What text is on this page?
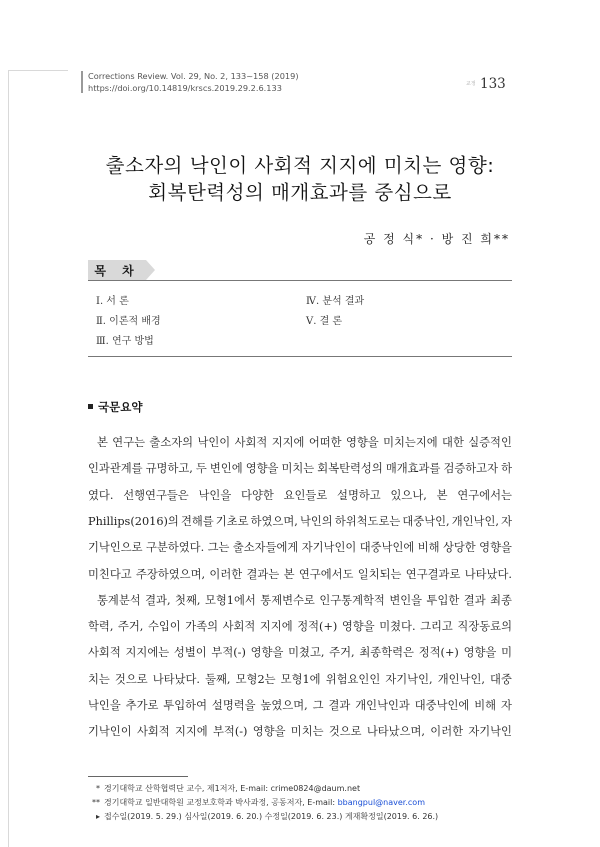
Corrections Review. Vol. 29, No. 2, 133~158 (2019)
https://doi.org/10.14819/krscs.2019.29.2.6.133	교정 133
출소자의 낙인이 사회적 지지에 미치는 영향:
회복탄력성의 매개효과를 중심으로
공 정 식* · 방 진 희**
목 차
Ⅰ. 서 론
Ⅱ. 이론적 배경
Ⅲ. 연구 방법
Ⅳ. 분석 결과
Ⅴ. 결 론
국문요약
본 연구는 출소자의 낙인이 사회적 지지에 어떠한 영향을 미치는지에 대한 실증적인
인과관계를 규명하고, 두 변인에 영향을 미치는 회복탄력성의 매개효과를 검증하고자 하
였다. 선행연구들은 낙인을 다양한 요인들로 설명하고 있으나, 본 연구에서는
Phillips(2016)의 견해를 기초로 하였으며, 낙인의 하위척도로는 대중낙인, 개인낙인, 자
기낙인으로 구분하였다. 그는 출소자들에게 자기낙인이 대중낙인에 비해 상당한 영향을
미친다고 주장하였으며, 이러한 결과는 본 연구에서도 일치되는 연구결과로 나타났다.
통계분석 결과, 첫째, 모형1에서 통제변수로 인구통계학적 변인을 투입한 결과 최종
학력, 주거, 수입이 가족의 사회적 지지에 정적(+) 영향을 미쳤다. 그리고 직장동료의
사회적 지지에는 성별이 부적(-) 영향을 미쳤고, 주거, 최종학력은 정적(+) 영향을 미
치는 것으로 나타났다. 둘째, 모형2는 모형1에 위험요인인 자기낙인, 개인낙인, 대중
낙인을 추가로 투입하여 설명력을 높였으며, 그 결과 개인낙인과 대중낙인에 비해 자
기낙인이 사회적 지지에 부적(-) 영향을 미치는 것으로 나타났으며, 이러한 자기낙인
* 경기대학교 산학협력단 교수, 제1저자, E-mail: crime0824@daum.net
** 경기대학교 일반대학원 교정보호학과 박사과정, 공동저자, E-mail: bbangpul@naver.com
▸ 접수일(2019. 5. 29.) 심사일(2019. 6. 20.) 수정일(2019. 6. 23.) 게재확정일(2019. 6. 26.)
